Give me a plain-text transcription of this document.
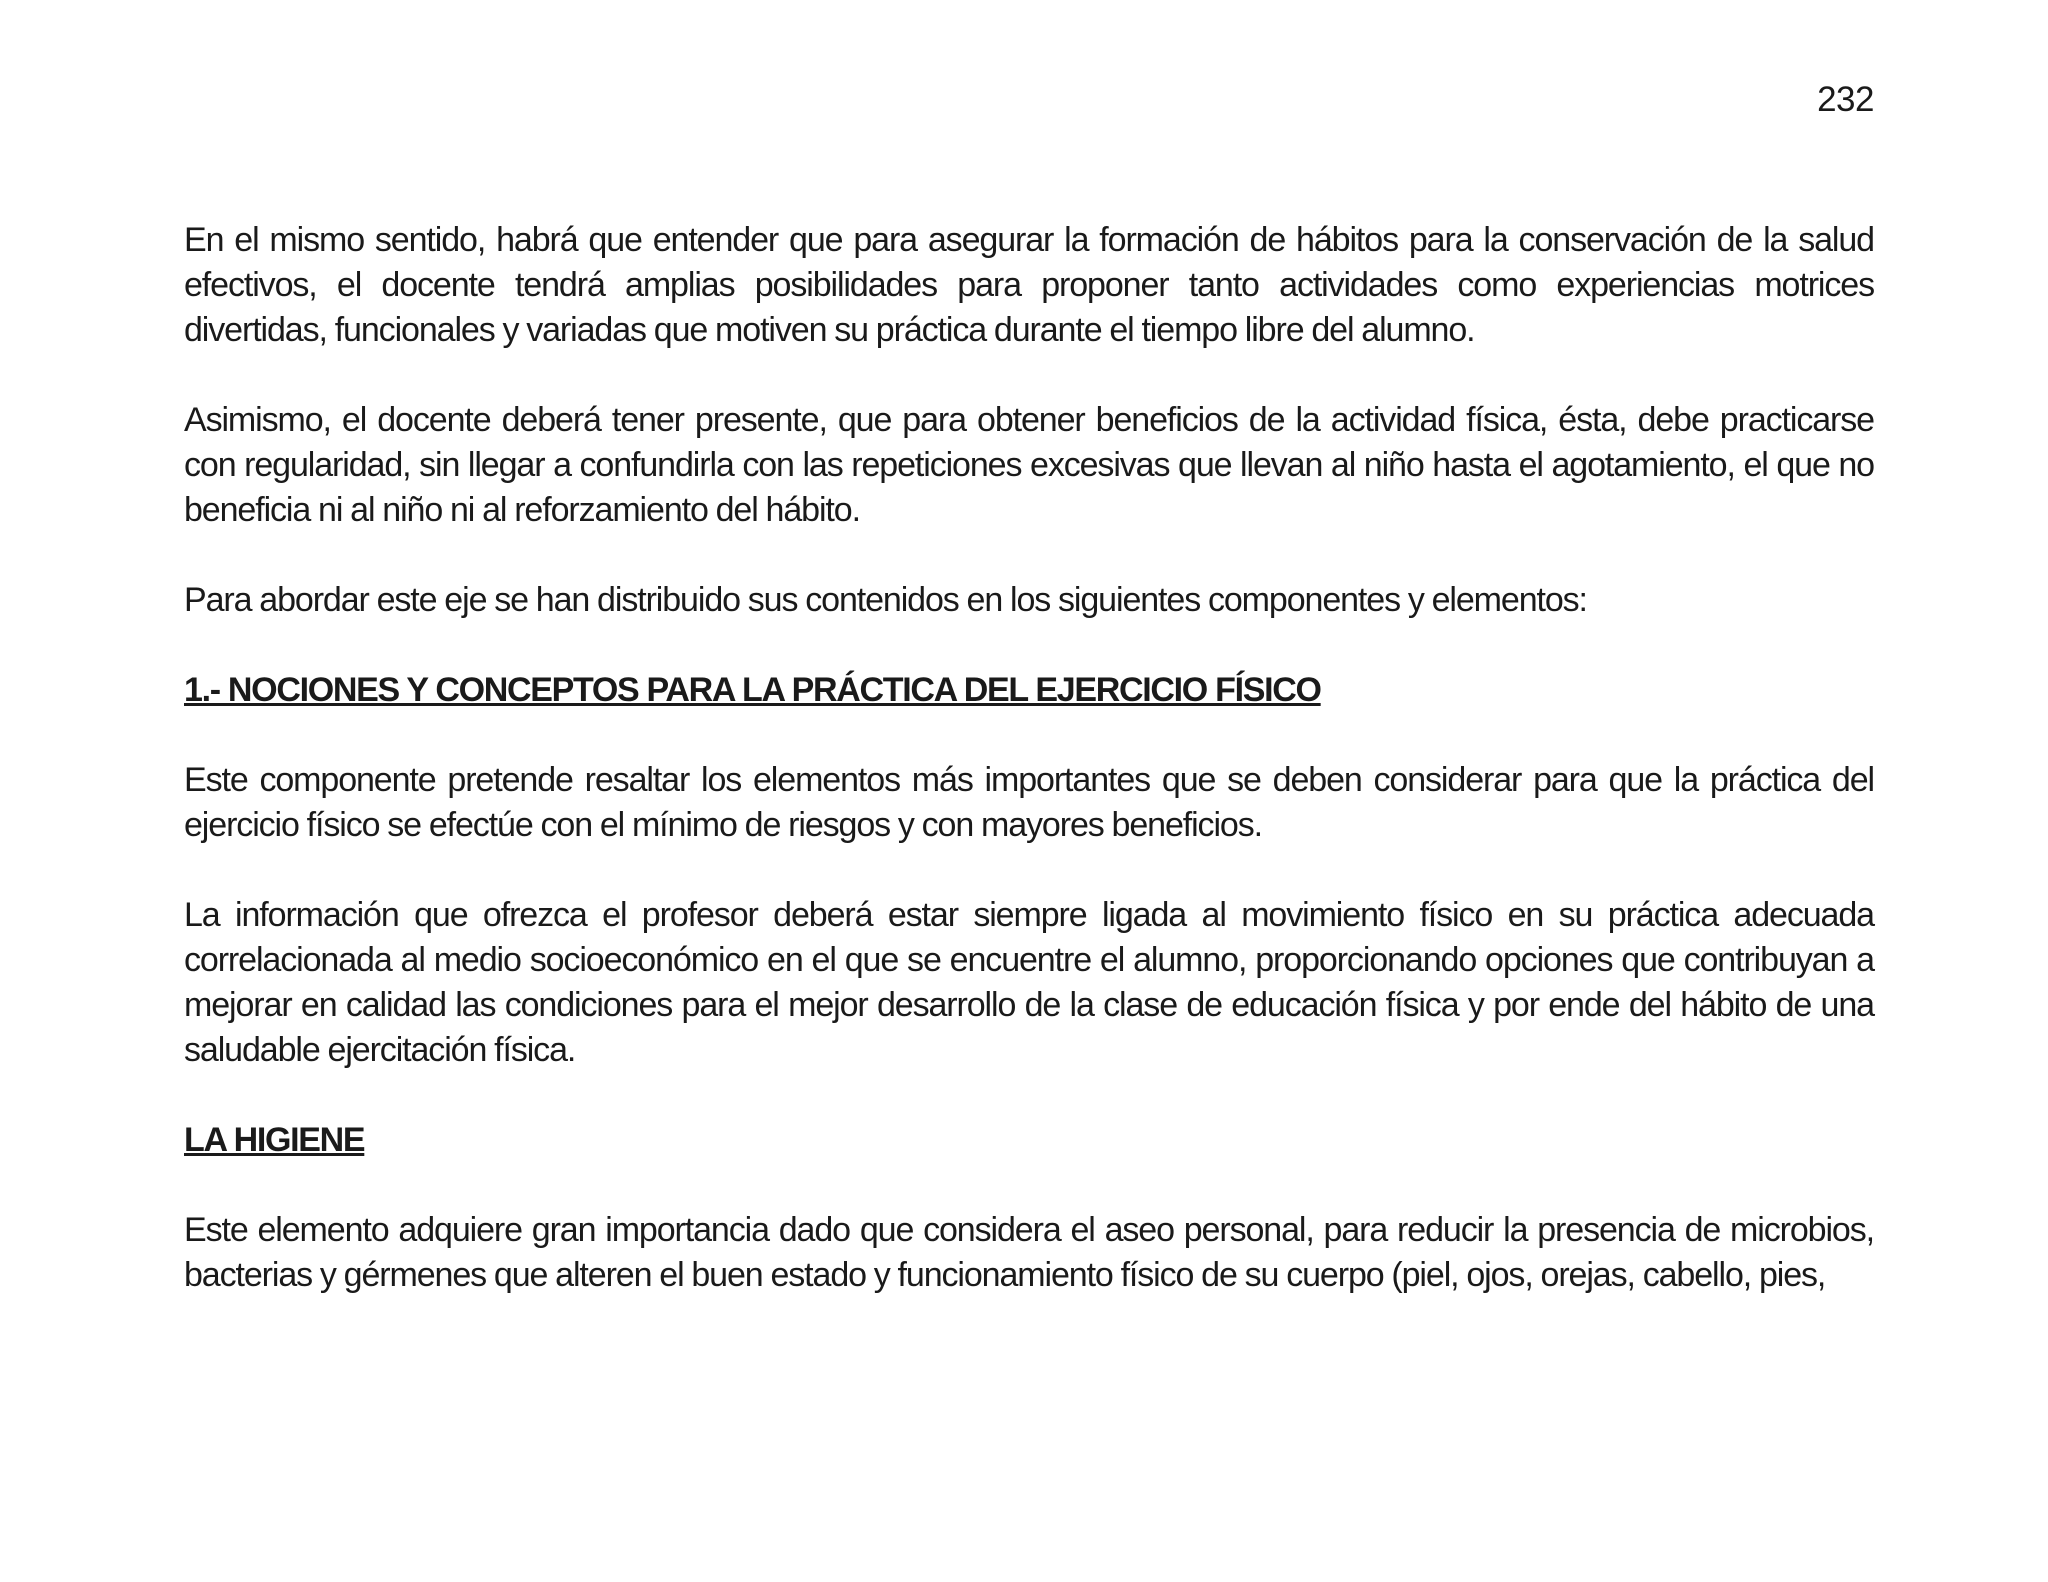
232

En el mismo sentido, habrá que entender que para asegurar la formación de hábitos para la conservación de la salud efectivos, el docente tendrá amplias posibilidades para proponer tanto actividades como experiencias motrices divertidas, funcionales y variadas que motiven su práctica durante el tiempo libre del alumno.

Asimismo, el docente deberá tener presente, que para obtener beneficios de la actividad física, ésta, debe practicarse con regularidad, sin llegar a confundirla con las repeticiones excesivas que llevan al niño hasta el agotamiento, el que no beneficia ni al niño ni al reforzamiento del hábito.

Para abordar este eje se han distribuido sus contenidos en los siguientes componentes y elementos:

1.- NOCIONES Y CONCEPTOS PARA LA PRÁCTICA DEL EJERCICIO FÍSICO

Este componente pretende resaltar los elementos más importantes que se deben considerar para que la práctica del ejercicio físico se efectúe con el mínimo de riesgos y con mayores beneficios.

La información que ofrezca el profesor deberá estar siempre ligada al movimiento físico en su práctica adecuada correlacionada al medio socioeconómico en el que se encuentre el alumno, proporcionando opciones que contribuyan a mejorar en calidad las condiciones para el mejor desarrollo de la clase de educación física y por ende del hábito de una saludable ejercitación física.

LA HIGIENE

Este elemento adquiere gran importancia dado que considera el aseo personal, para reducir la presencia de microbios, bacterias y gérmenes que alteren el buen estado y funcionamiento físico de su cuerpo (piel, ojos, orejas, cabello, pies,
